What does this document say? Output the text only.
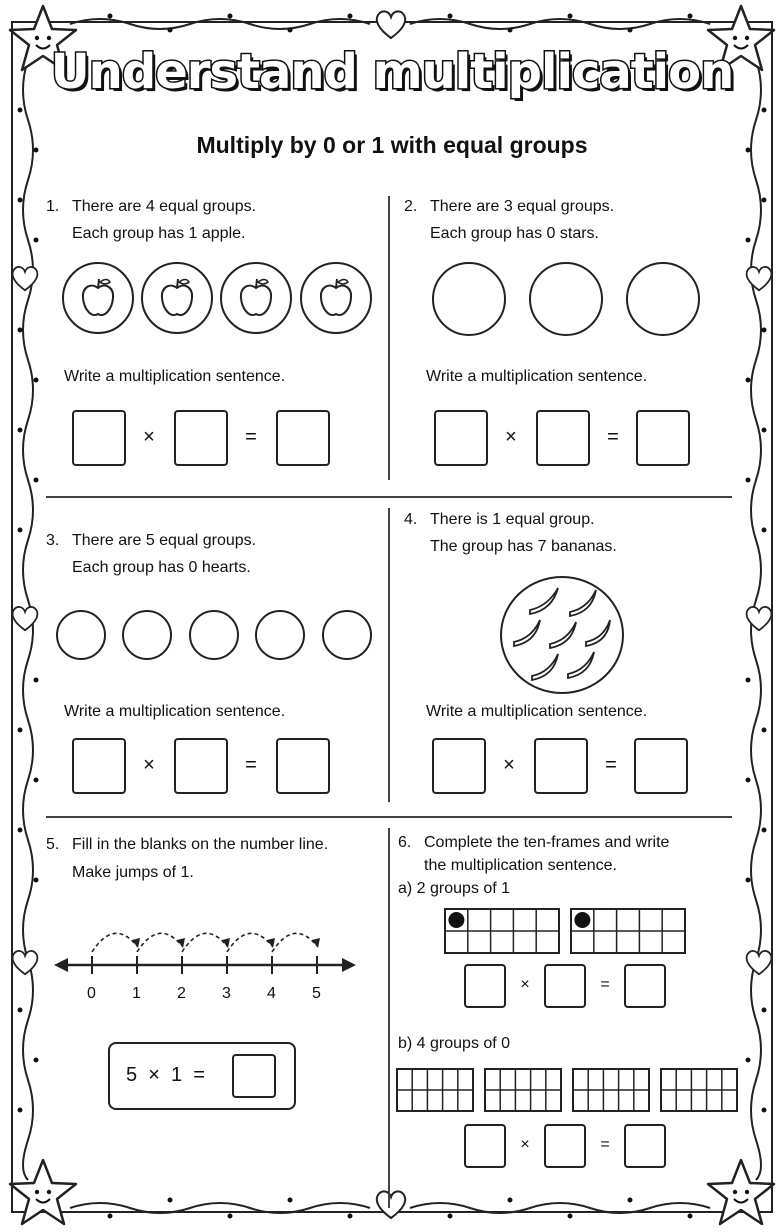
Understand multiplication
Multiply by 0 or 1 with equal groups
1. There are 4 equal groups.
Each group has 1 apple.
Write a multiplication sentence.
×	=
2. There are 3 equal groups.
Each group has 0 stars.
Write a multiplication sentence.
×	=
3. There are 5 equal groups.
Each group has 0 hearts.
Write a multiplication sentence.
×	=
4. There is 1 equal group.
The group has 7 bananas.
Write a multiplication sentence.
×	=
5. Fill in the blanks on the number line.
Make jumps of 1.
0 1 2 3 4 5
5  ×  1  =
6. Complete the ten-frames and write
the multiplication sentence.
a) 2 groups of 1
×	=
b) 4 groups of 0
×	=
